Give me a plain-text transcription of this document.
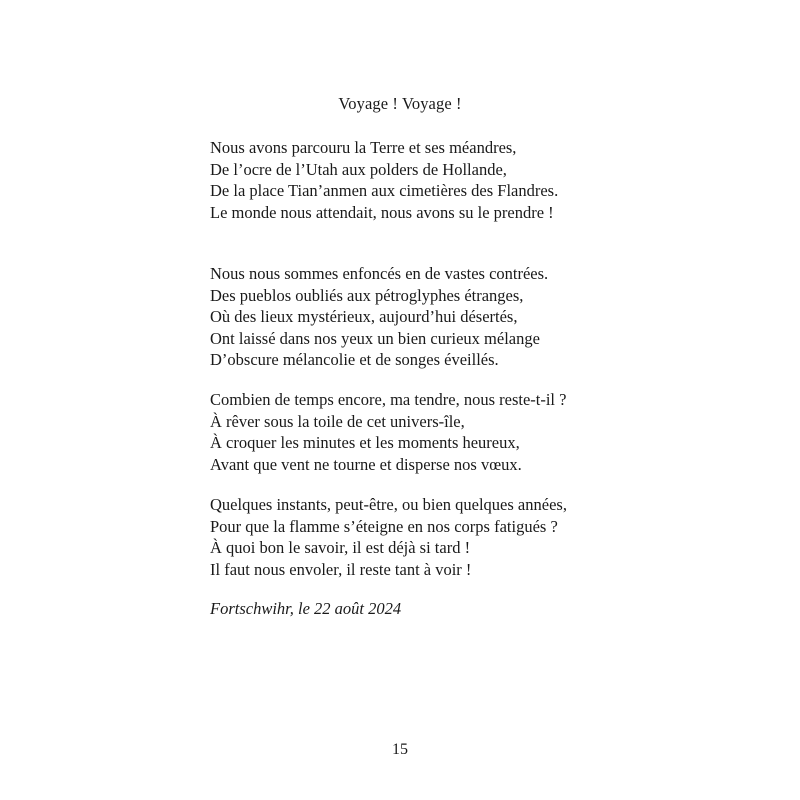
Voyage ! Voyage !
Nous avons parcouru la Terre et ses méandres,
De l’ocre de l’Utah aux polders de Hollande,
De la place Tian’anmen aux cimetières des Flandres.
Le monde nous attendait, nous avons su le prendre !
Nous nous sommes enfoncés en de vastes contrées.
Des pueblos oubliés aux pétroglyphes étranges,
Où des lieux mystérieux, aujourd’hui désertés,
Ont laissé dans nos yeux un bien curieux mélange
D’obscure mélancolie et de songes éveillés.
Combien de temps encore, ma tendre, nous reste-t-il ?
À rêver sous la toile de cet univers-île,
À croquer les minutes et les moments heureux,
Avant que vent ne tourne et disperse nos vœux.
Quelques instants, peut-être, ou bien quelques années,
Pour que la flamme s’éteigne en nos corps fatigués ?
À quoi bon le savoir, il est déjà si tard !
Il faut nous envoler, il reste tant à voir !
Fortschwihr, le 22 août 2024
15
